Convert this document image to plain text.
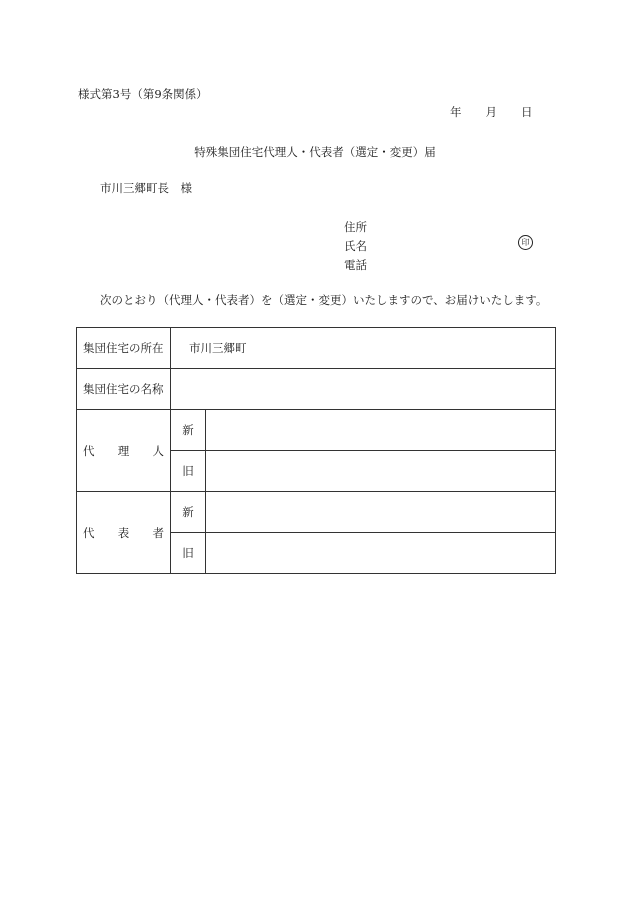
様式第3号（第9条関係）
年 月 日
特殊集団住宅代理人・代表者（選定・変更）届
市川三郷町長　様
住所
氏名
電話
印
次のとおり（代理人・代表者）を（選定・変更）いたしますので、お届けいたします。
集団住宅の所在	市川三郷町	
集団住宅の名称		

代 理 人	新	
	旧	

代 表 者	新	
	旧	
